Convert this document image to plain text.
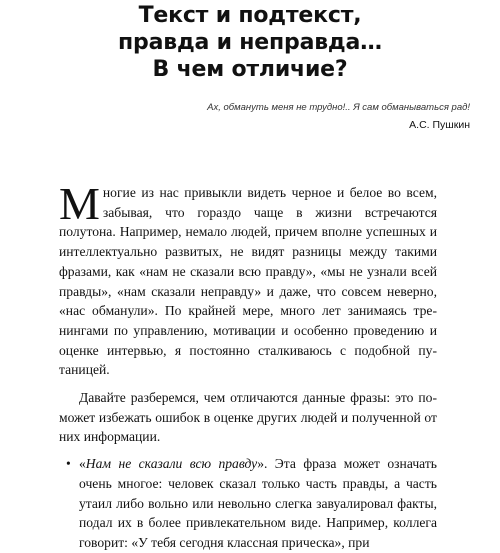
Текст и подтекст,
правда и неправда…
В чем отличие?
Ах, обмануть меня не трудно!.. Я сам обманываться рад!
А.С. Пушкин

Многие из нас привыкли видеть черное и белое во всем, забывая, что гораздо чаще в жизни встречаются полутона. Например, немало людей, причем вполне успешных и интеллектуально развитых, не видят разницы между такими фразами, как «нам не сказали всю правду», «мы не узнали всей правды», «нам сказали неправду» и даже, что совсем неверно, «нас обманули». По крайней мере, много лет занимаясь тренингами по управлению, мотивации и особенно проведению и оценке интервью, я постоянно сталкиваюсь с подобной путаницей.

Давайте разберемся, чем отличаются данные фразы: это поможет избежать ошибок в оценке других людей и полученной от них информации.

• «Нам не сказали всю правду». Эта фраза может означать очень многое: человек сказал только часть правды, а часть утаил либо вольно или невольно слегка завуалировал факты, подал их в более привлекательном виде. Например, коллега говорит: «У тебя сегодня классная прическа», при
